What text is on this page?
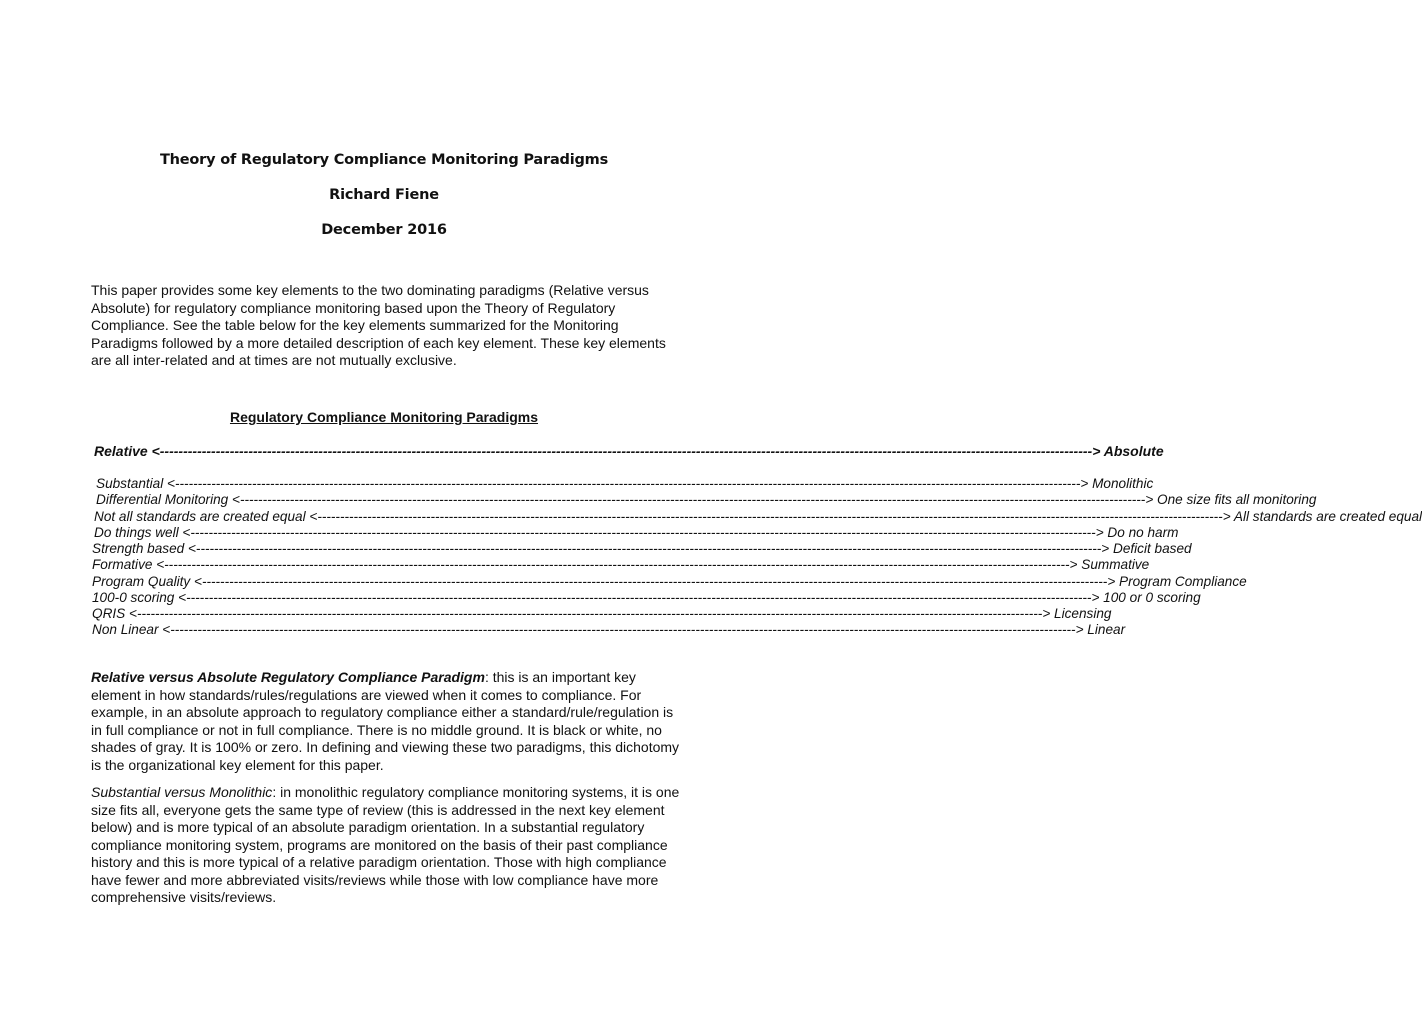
Theory of Regulatory Compliance Monitoring Paradigms
Richard Fiene
December 2016
This paper provides some key elements to the two dominating paradigms (Relative versus Absolute) for regulatory compliance monitoring based upon the Theory of Regulatory Compliance. See the table below for the key elements summarized for the Monitoring Paradigms followed by a more detailed description of each key element. These key elements are all inter-related and at times are not mutually exclusive.
Regulatory Compliance Monitoring Paradigms
Relative < -------------------------------------------------------------------------------------------------------------------------------------------------------------------------------------------------------- > Absolute
Substantial < -------------------------------------------------------------------------------------------------------------------------------------------------------------------------------------------------------- > Monolithic
Differential Monitoring < -------------------------------------------------------------------------------------------------------------------------------------------------------------------------------------------------------- > One size fits all monitoring
Not all standards are created equal < -------------------------------------------------------------------------------------------------------------------------------------------------------------------------------------------------------- > All standards are created equal
Do things well < -------------------------------------------------------------------------------------------------------------------------------------------------------------------------------------------------------- > Do no harm
Strength based < -------------------------------------------------------------------------------------------------------------------------------------------------------------------------------------------------------- > Deficit based
Formative < -------------------------------------------------------------------------------------------------------------------------------------------------------------------------------------------------------- > Summative
Program Quality < -------------------------------------------------------------------------------------------------------------------------------------------------------------------------------------------------------- > Program Compliance
100-0 scoring < -------------------------------------------------------------------------------------------------------------------------------------------------------------------------------------------------------- > 100 or 0 scoring
QRIS < -------------------------------------------------------------------------------------------------------------------------------------------------------------------------------------------------------- > Licensing
Non Linear < -------------------------------------------------------------------------------------------------------------------------------------------------------------------------------------------------------- > Linear
Relative versus Absolute Regulatory Compliance Paradigm: this is an important key element in how standards/rules/regulations are viewed when it comes to compliance. For example, in an absolute approach to regulatory compliance either a standard/rule/regulation is in full compliance or not in full compliance. There is no middle ground. It is black or white, no shades of gray. It is 100% or zero. In defining and viewing these two paradigms, this dichotomy is the organizational key element for this paper.
Substantial versus Monolithic: in monolithic regulatory compliance monitoring systems, it is one size fits all, everyone gets the same type of review (this is addressed in the next key element below) and is more typical of an absolute paradigm orientation. In a substantial regulatory compliance monitoring system, programs are monitored on the basis of their past compliance history and this is more typical of a relative paradigm orientation. Those with high compliance have fewer and more abbreviated visits/reviews while those with low compliance have more comprehensive visits/reviews.
